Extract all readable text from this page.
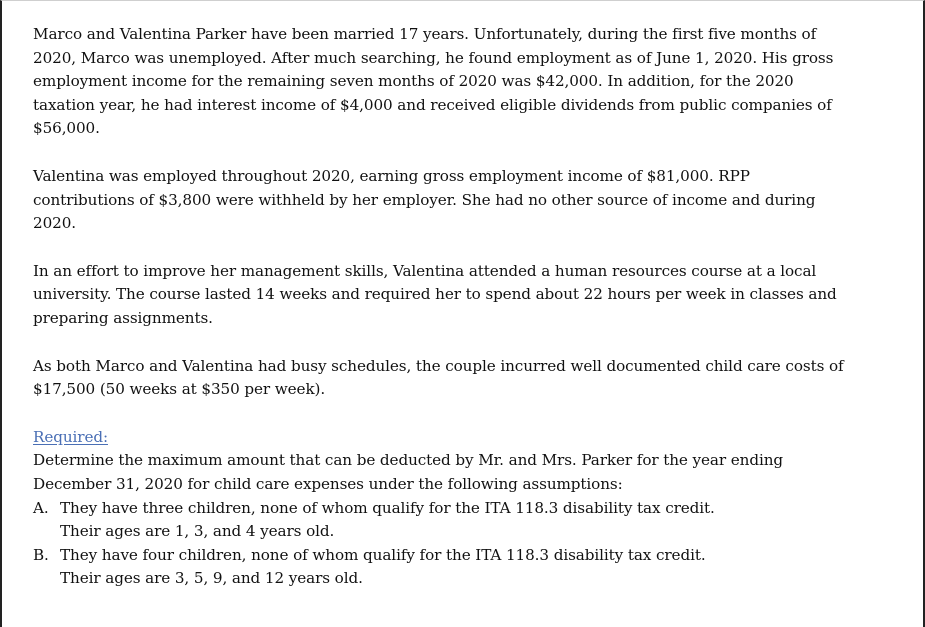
Marco and Valentina Parker have been married 17 years. Unfortunately, during the first five months of 2020, Marco was unemployed. After much searching, he found employment as of June 1, 2020. His gross employment income for the remaining seven months of 2020 was $42,000. In addition, for the 2020 taxation year, he had interest income of $4,000 and received eligible dividends from public companies of $56,000.

Valentina was employed throughout 2020, earning gross employment income of $81,000. RPP contributions of $3,800 were withheld by her employer. She had no other source of income and during 2020.

In an effort to improve her management skills, Valentina attended a human resources course at a local university. The course lasted 14 weeks and required her to spend about 22 hours per week in classes and preparing assignments.

As both Marco and Valentina had busy schedules, the couple incurred well documented child care costs of $17,500 (50 weeks at $350 per week).

Required:

Determine the maximum amount that can be deducted by Mr. and Mrs. Parker for the year ending December 31, 2020 for child care expenses under the following assumptions:

A. They have three children, none of whom qualify for the ITA 118.3 disability tax credit.
Their ages are 1, 3, and 4 years old.
B. They have four children, none of whom qualify for the ITA 118.3 disability tax credit.
Their ages are 3, 5, 9, and 12 years old.
